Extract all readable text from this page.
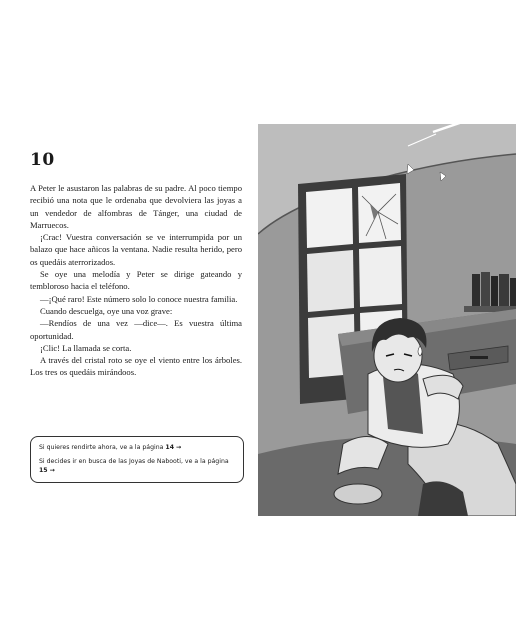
10

A Peter le asustaron las palabras de su padre. Al poco tiempo recibió una nota que le ordenaba que devolviera las joyas a un vendedor de alfombras de Tánger, una ciudad de Marruecos.

¡Crac! Vuestra conversación se ve interrumpida por un balazo que hace añicos la ventana. Nadie resulta herido, pero os quedáis aterrorizados.

Se oye una melodía y Peter se dirige gateando y tembloroso hacia el teléfono.

—¡Qué raro! Este número solo lo conoce nuestra familia.

Cuando descuelga, oye una voz grave:

—Rendíos de una vez —dice—. Es vuestra última oportunidad.

¡Clic! La llamada se corta.

A través del cristal roto se oye el viento entre los árboles. Los tres os quedáis mirándoos.

Si quieres rendirte ahora, ve a la página 14 →

Si decides ir en busca de las Joyas de Nabooti, ve a la página 15 →
